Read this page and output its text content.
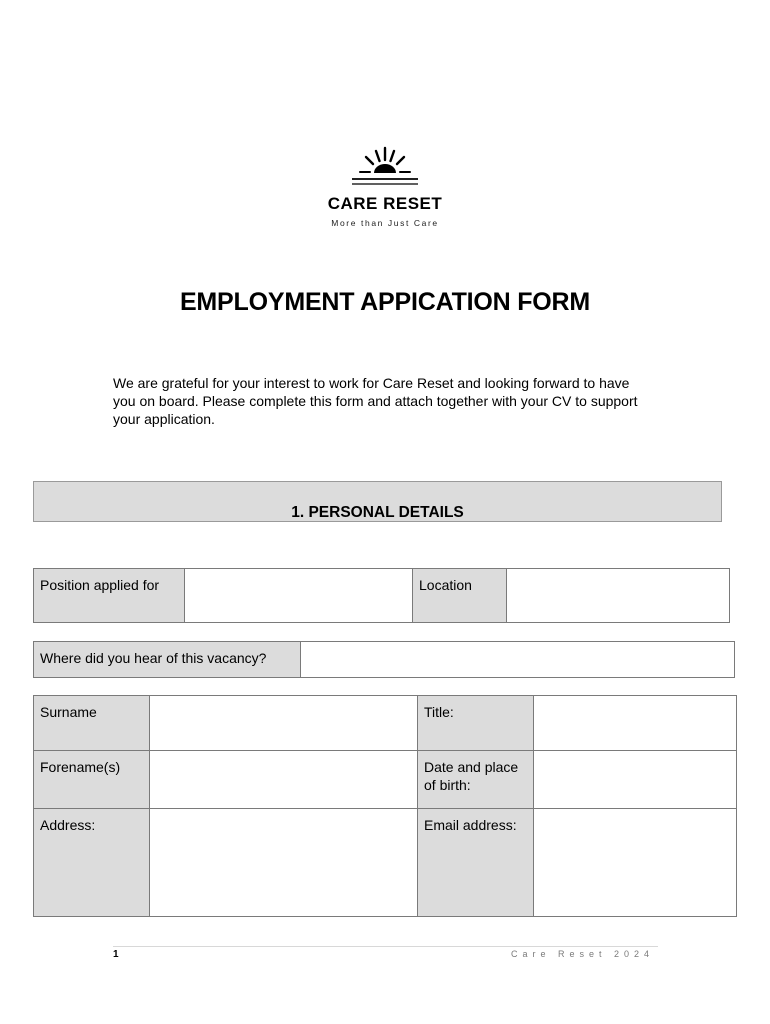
CARE RESET
More than Just Care
EMPLOYMENT APPICATION FORM
We are grateful for your interest to work for Care Reset and looking forward to have you on board. Please complete this form and attach together with your CV to support your application.
1. PERSONAL DETAILS
Position applied for		Location	
Where did you hear of this vacancy?	
Surname		Title:	
Forename(s)		Date and place of birth:	
Address:		Email address:	
1	Care Reset 2024
